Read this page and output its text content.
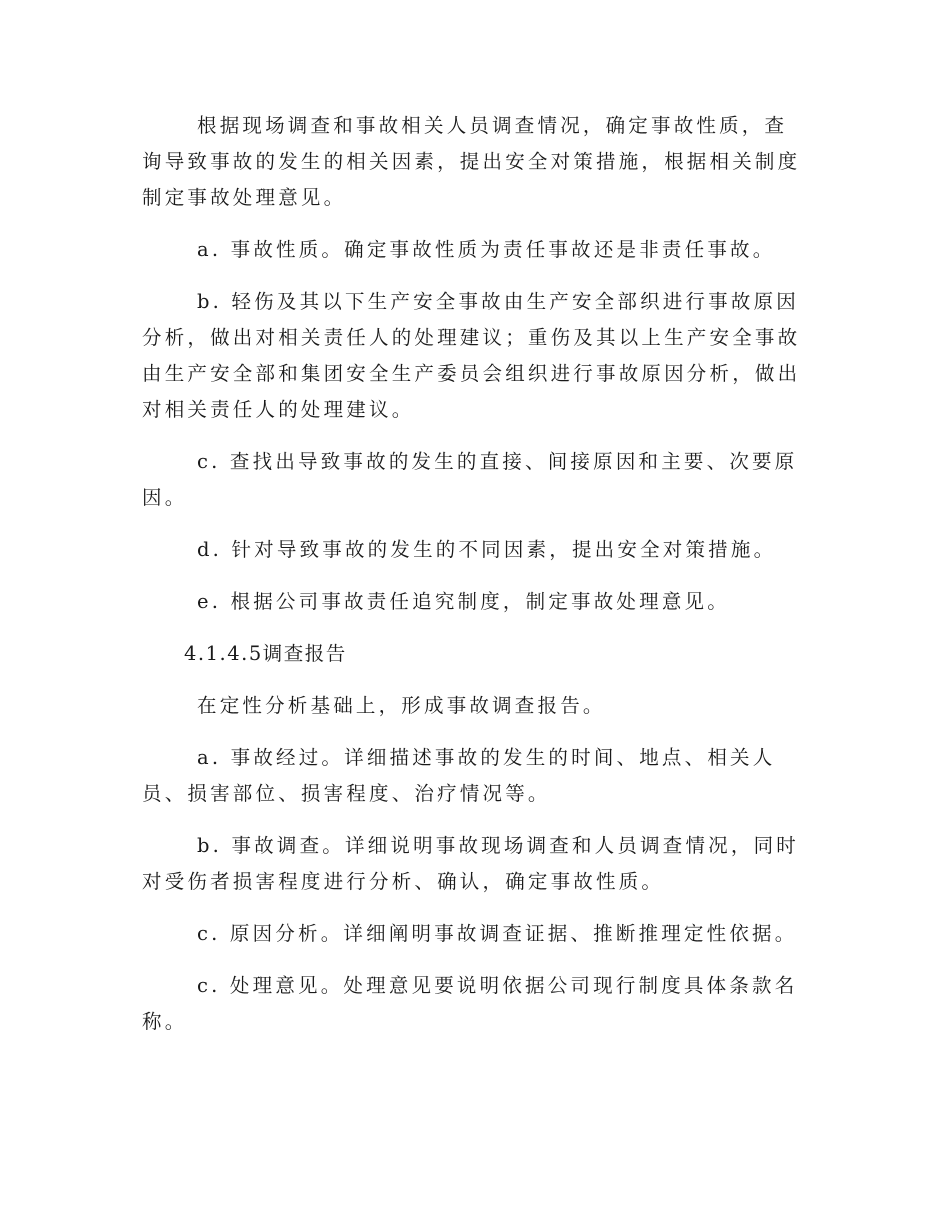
根据现场调查和事故相关人员调查情况，确定事故性质，查询导致事故的发生的相关因素，提出安全对策措施，根据相关制度制定事故处理意见。

a. 事故性质。确定事故性质为责任事故还是非责任事故。

b. 轻伤及其以下生产安全事故由生产安全部织进行事故原因分析，做出对相关责任人的处理建议；重伤及其以上生产安全事故由生产安全部和集团安全生产委员会组织进行事故原因分析，做出对相关责任人的处理建议。

c. 查找出导致事故的发生的直接、间接原因和主要、次要原因。

d. 针对导致事故的发生的不同因素，提出安全对策措施。

e. 根据公司事故责任追究制度，制定事故处理意见。

4.1.4.5调查报告

在定性分析基础上，形成事故调查报告。

a. 事故经过。详细描述事故的发生的时间、地点、相关人员、损害部位、损害程度、治疗情况等。

b. 事故调查。详细说明事故现场调查和人员调查情况，同时对受伤者损害程度进行分析、确认，确定事故性质。

c. 原因分析。详细阐明事故调查证据、推断推理定性依据。

c. 处理意见。处理意见要说明依据公司现行制度具体条款名称。
